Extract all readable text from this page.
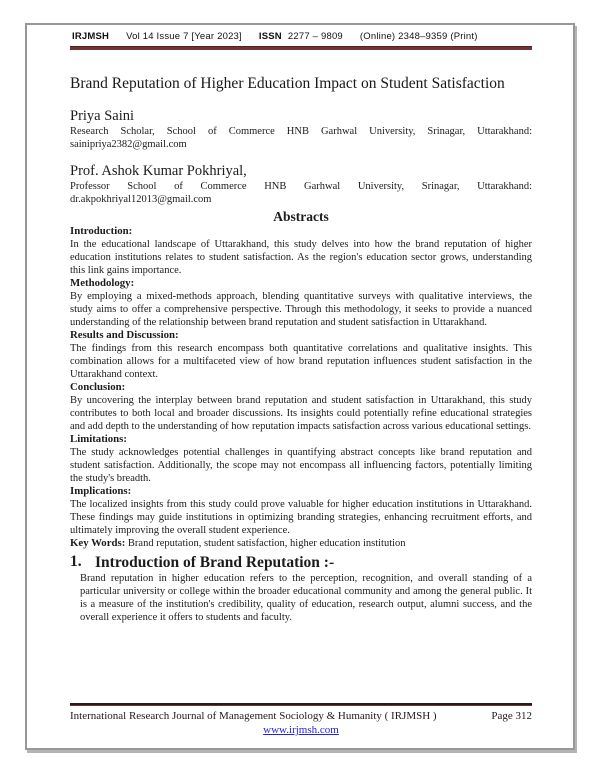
IRJMSH Vol 14 Issue 7 [Year 2023] ISSN 2277 – 9809 (Online) 2348–9359 (Print)
Brand Reputation of Higher Education Impact on Student Satisfaction
Priya Saini
Research Scholar, School of Commerce HNB Garhwal University, Srinagar, Uttarakhand: sainipriya2382@gmail.com
Prof. Ashok Kumar Pokhriyal,
Professor School of Commerce HNB Garhwal University, Srinagar, Uttarakhand: dr.akpokhriyal12013@gmail.com
Abstracts
Introduction:
In the educational landscape of Uttarakhand, this study delves into how the brand reputation of higher education institutions relates to student satisfaction. As the region's education sector grows, understanding this link gains importance.
Methodology:
By employing a mixed-methods approach, blending quantitative surveys with qualitative interviews, the study aims to offer a comprehensive perspective. Through this methodology, it seeks to provide a nuanced understanding of the relationship between brand reputation and student satisfaction in Uttarakhand.
Results and Discussion:
The findings from this research encompass both quantitative correlations and qualitative insights. This combination allows for a multifaceted view of how brand reputation influences student satisfaction in the Uttarakhand context.
Conclusion:
By uncovering the interplay between brand reputation and student satisfaction in Uttarakhand, this study contributes to both local and broader discussions. Its insights could potentially refine educational strategies and add depth to the understanding of how reputation impacts satisfaction across various educational settings.
Limitations:
The study acknowledges potential challenges in quantifying abstract concepts like brand reputation and student satisfaction. Additionally, the scope may not encompass all influencing factors, potentially limiting the study's breadth.
Implications:
The localized insights from this study could prove valuable for higher education institutions in Uttarakhand. These findings may guide institutions in optimizing branding strategies, enhancing recruitment efforts, and ultimately improving the overall student experience.
Key Words: Brand reputation, student satisfaction, higher education institution
1. Introduction of Brand Reputation :-
Brand reputation in higher education refers to the perception, recognition, and overall standing of a particular university or college within the broader educational community and among the general public. It is a measure of the institution's credibility, quality of education, research output, alumni success, and the overall experience it offers to students and faculty.
International Research Journal of Management Sociology & Humanity ( IRJMSH )	Page 312
www.irjmsh.com
